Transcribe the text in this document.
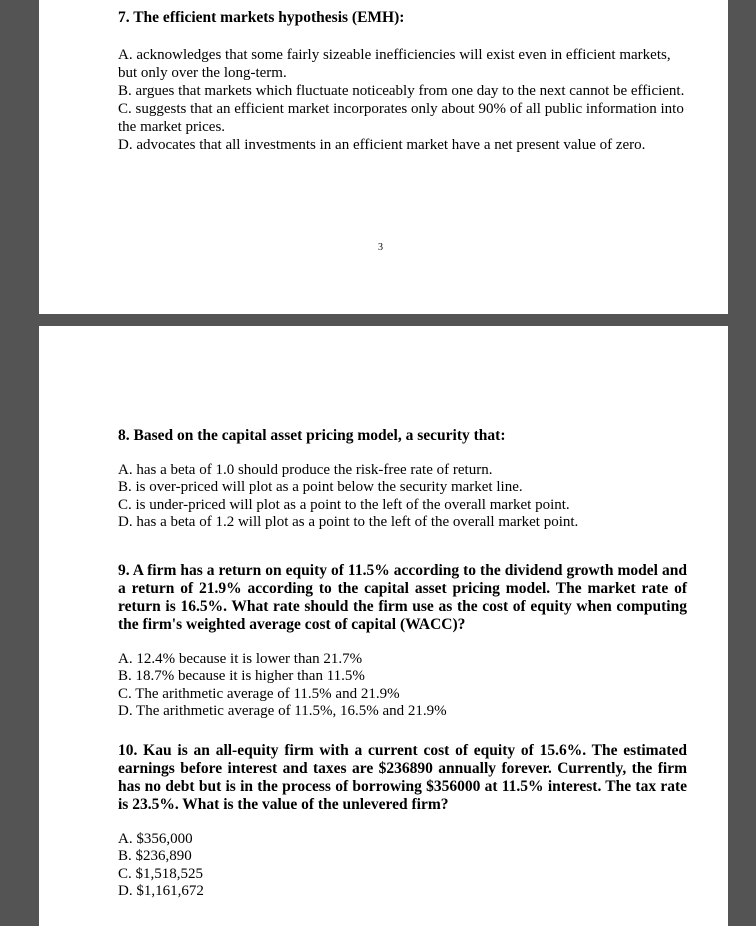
7. The efficient markets hypothesis (EMH):
A. acknowledges that some fairly sizeable inefficiencies will exist even in efficient markets, but only over the long-term.
B. argues that markets which fluctuate noticeably from one day to the next cannot be efficient.
C. suggests that an efficient market incorporates only about 90% of all public information into the market prices.
D. advocates that all investments in an efficient market have a net present value of zero.
3
8. Based on the capital asset pricing model, a security that:
A. has a beta of 1.0 should produce the risk-free rate of return.
B. is over-priced will plot as a point below the security market line.
C. is under-priced will plot as a point to the left of the overall market point.
D. has a beta of 1.2 will plot as a point to the left of the overall market point.
9. A firm has a return on equity of 11.5% according to the dividend growth model and a return of 21.9% according to the capital asset pricing model. The market rate of return is 16.5%. What rate should the firm use as the cost of equity when computing the firm's weighted average cost of capital (WACC)?
A. 12.4% because it is lower than 21.7%
B. 18.7% because it is higher than 11.5%
C. The arithmetic average of 11.5% and 21.9%
D. The arithmetic average of 11.5%, 16.5% and 21.9%
10. Kau is an all-equity firm with a current cost of equity of 15.6%. The estimated earnings before interest and taxes are $236890 annually forever. Currently, the firm has no debt but is in the process of borrowing $356000 at 11.5% interest. The tax rate is 23.5%. What is the value of the unlevered firm?
A. $356,000
B. $236,890
C. $1,518,525
D. $1,161,672
